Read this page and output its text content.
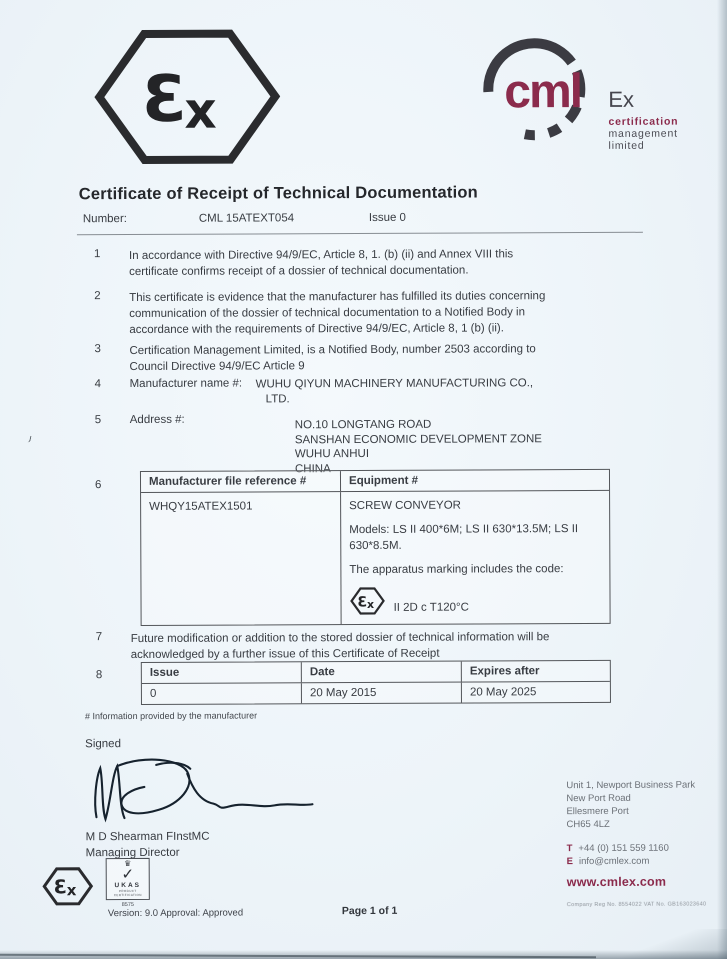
Ɛ
x	cml Ex
certification
management
limited
Certificate of Receipt of Technical Documentation
Number:	CML 15ATEXT054	Issue 0
1 In accordance with Directive 94/9/EC, Article 8, 1. (b) (ii) and Annex VIII this
certificate confirms receipt of a dossier of technical documentation.
2 This certificate is evidence that the manufacturer has fulfilled its duties concerning
communication of the dossier of technical documentation to a Notified Body in
accordance with the requirements of Directive 94/9/EC, Article 8, 1 (b) (ii).
3 Certification Management Limited, is a Notified Body, number 2503 according to
Council Directive 94/9/EC Article 9
4 Manufacturer name #: WUHU QIYUN MACHINERY MANUFACTURING CO.,
LTD.
5 Address #:	NO.10 LONGTANG ROAD
SANSHAN ECONOMIC DEVELOPMENT ZONE
WUHU ANHUI
CHINA
6	Manufacturer file reference #	Equipment #
WHQY15ATEX1501	SCREW CONVEYOR
Models: LS II 400*6M; LS II 630*13.5M; LS II
630*8.5M.
The apparatus marking includes the code:
Ɛ x II 2D c T120°C
7 Future modification or addition to the stored dossier of technical information will be
acknowledged by a further issue of this Certificate of Receipt
8	Issue	Date	Expires after
0	20 May 2015	20 May 2025
# Information provided by the manufacturer
Signed
M D Shearman FInstMC
Managing Director
Ɛ x
♛
✓
UKAS
PRODUCT CERTIFICATION
8575
Version: 9.0 Approval: Approved	Page 1 of 1
Unit 1, Newport Business Park
New Port Road
Ellesmere Port
CH65 4LZ
T +44 (0) 151 559 1160
E info@cmlex.com
www.cmlex.com
Company Reg No. 8554022 VAT No. GB163023640
